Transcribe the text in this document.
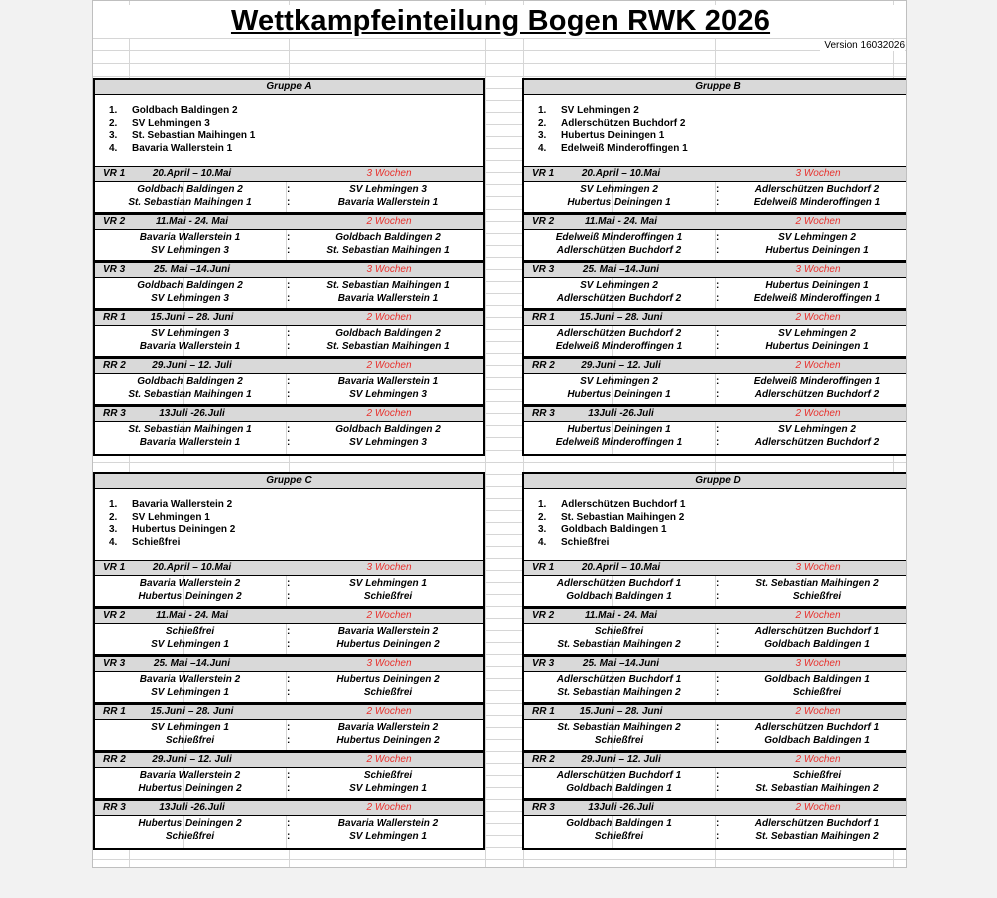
Wettkampfeinteilung Bogen RWK 2026
Version 16032026
Gruppe A
1.	Goldbach Baldingen 2
2.	SV Lehmingen 3
3.	St. Sebastian Maihingen 1
4.	Bavaria Wallerstein 1
VR 1	20.April – 10.Mai	3 Wochen
Goldbach Baldingen 2	:	SV Lehmingen 3
St. Sebastian Maihingen 1	:	Bavaria Wallerstein 1
VR 2	11.Mai - 24. Mai	2 Wochen
Bavaria Wallerstein 1	:	Goldbach Baldingen 2
SV Lehmingen 3	:	St. Sebastian Maihingen 1
VR 3	25. Mai –14.Juni	3 Wochen
Goldbach Baldingen 2	:	St. Sebastian Maihingen 1
SV Lehmingen 3	:	Bavaria Wallerstein 1
RR 1	15.Juni – 28. Juni	2 Wochen
SV Lehmingen 3	:	Goldbach Baldingen 2
Bavaria Wallerstein 1	:	St. Sebastian Maihingen 1
RR 2	29.Juni – 12. Juli	2 Wochen
Goldbach Baldingen 2	:	Bavaria Wallerstein 1
St. Sebastian Maihingen 1	:	SV Lehmingen 3
RR 3	13Juli -26.Juli	2 Wochen
St. Sebastian Maihingen 1	:	Goldbach Baldingen 2
Bavaria Wallerstein 1	:	SV Lehmingen 3
Gruppe B
1.	SV Lehmingen 2
2.	Adlerschützen Buchdorf 2
3.	Hubertus Deiningen 1
4.	Edelweiß Minderoffingen 1
VR 1	20.April – 10.Mai	3 Wochen
SV Lehmingen 2	:	Adlerschützen Buchdorf 2
Hubertus Deiningen 1	:	Edelweiß Minderoffingen 1
VR 2	11.Mai - 24. Mai	2 Wochen
Edelweiß Minderoffingen 1	:	SV Lehmingen 2
Adlerschützen Buchdorf 2	:	Hubertus Deiningen 1
VR 3	25. Mai –14.Juni	3 Wochen
SV Lehmingen 2	:	Hubertus Deiningen 1
Adlerschützen Buchdorf 2	:	Edelweiß Minderoffingen 1
RR 1	15.Juni – 28. Juni	2 Wochen
Adlerschützen Buchdorf 2	:	SV Lehmingen 2
Edelweiß Minderoffingen 1	:	Hubertus Deiningen 1
RR 2	29.Juni – 12. Juli	2 Wochen
SV Lehmingen 2	:	Edelweiß Minderoffingen 1
Hubertus Deiningen 1	:	Adlerschützen Buchdorf 2
RR 3	13Juli -26.Juli	2 Wochen
Hubertus Deiningen 1	:	SV Lehmingen 2
Edelweiß Minderoffingen 1	:	Adlerschützen Buchdorf 2
Gruppe C
1.	Bavaria Wallerstein 2
2.	SV Lehmingen 1
3.	Hubertus Deiningen 2
4.	Schießfrei
VR 1	20.April – 10.Mai	3 Wochen
Bavaria Wallerstein 2	:	SV Lehmingen 1
Hubertus Deiningen 2	:	Schießfrei
VR 2	11.Mai - 24. Mai	2 Wochen
Schießfrei	:	Bavaria Wallerstein 2
SV Lehmingen 1	:	Hubertus Deiningen 2
VR 3	25. Mai –14.Juni	3 Wochen
Bavaria Wallerstein 2	:	Hubertus Deiningen 2
SV Lehmingen 1	:	Schießfrei
RR 1	15.Juni – 28. Juni	2 Wochen
SV Lehmingen 1	:	Bavaria Wallerstein 2
Schießfrei	:	Hubertus Deiningen 2
RR 2	29.Juni – 12. Juli	2 Wochen
Bavaria Wallerstein 2	:	Schießfrei
Hubertus Deiningen 2	:	SV Lehmingen 1
RR 3	13Juli -26.Juli	2 Wochen
Hubertus Deiningen 2	:	Bavaria Wallerstein 2
Schießfrei	:	SV Lehmingen 1
Gruppe D
1.	Adlerschützen Buchdorf 1
2.	St. Sebastian Maihingen 2
3.	Goldbach Baldingen 1
4.	Schießfrei
VR 1	20.April – 10.Mai	3 Wochen
Adlerschützen Buchdorf 1	:	St. Sebastian Maihingen 2
Goldbach Baldingen 1	:	Schießfrei
VR 2	11.Mai - 24. Mai	2 Wochen
Schießfrei	:	Adlerschützen Buchdorf 1
St. Sebastian Maihingen 2	:	Goldbach Baldingen 1
VR 3	25. Mai –14.Juni	3 Wochen
Adlerschützen Buchdorf 1	:	Goldbach Baldingen 1
St. Sebastian Maihingen 2	:	Schießfrei
RR 1	15.Juni – 28. Juni	2 Wochen
St. Sebastian Maihingen 2	:	Adlerschützen Buchdorf 1
Schießfrei	:	Goldbach Baldingen 1
RR 2	29.Juni – 12. Juli	2 Wochen
Adlerschützen Buchdorf 1	:	Schießfrei
Goldbach Baldingen 1	:	St. Sebastian Maihingen 2
RR 3	13Juli -26.Juli	2 Wochen
Goldbach Baldingen 1	:	Adlerschützen Buchdorf 1
Schießfrei	:	St. Sebastian Maihingen 2
